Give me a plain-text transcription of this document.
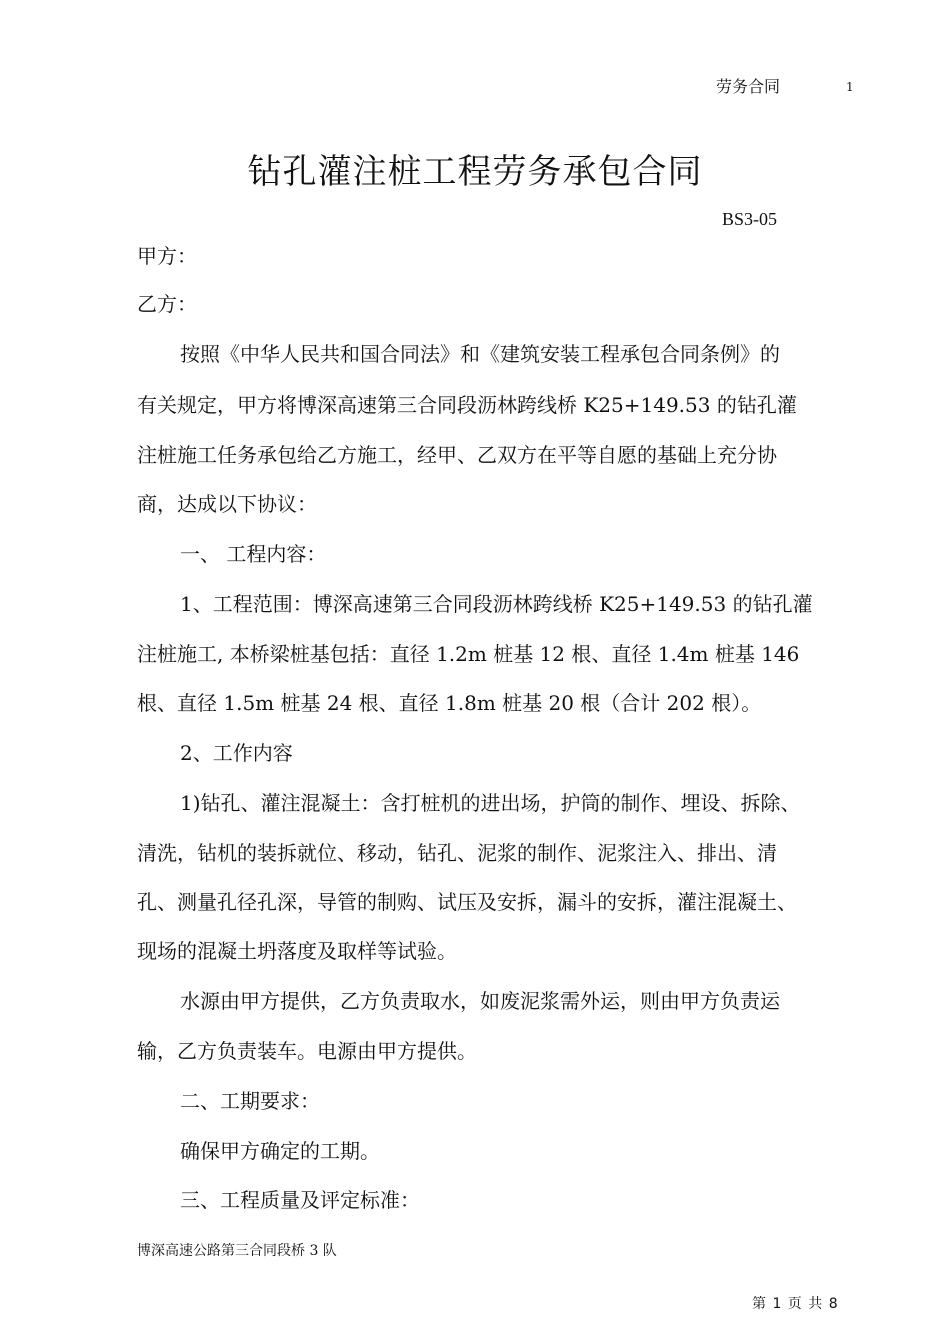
劳务合同	1
钻孔灌注桩工程劳务承包合同
BS3-05
甲方：
乙方：
按照《中华人民共和国合同法》和《建筑安装工程承包合同条例》的
有关规定，甲方将博深高速第三合同段沥林跨线桥 K25+149.53 的钻孔灌
注桩施工任务承包给乙方施工，经甲、乙双方在平等自愿的基础上充分协
商，达成以下协议：
一、 工程内容：
1、工程范围：博深高速第三合同段沥林跨线桥 K25+149.53 的钻孔灌
注桩施工, 本桥梁桩基包括：直径 1.2m 桩基 12 根、直径 1.4m 桩基 146
根、直径 1.5m 桩基 24 根、直径 1.8m 桩基 20 根（合计 202 根）。
2、工作内容
1)钻孔、灌注混凝土：含打桩机的进出场，护筒的制作、埋设、拆除、
清洗，钻机的装拆就位、移动，钻孔、泥浆的制作、泥浆注入、排出、清
孔、测量孔径孔深，导管的制购、试压及安拆，漏斗的安拆，灌注混凝土、
现场的混凝土坍落度及取样等试验。
水源由甲方提供，乙方负责取水，如废泥浆需外运，则由甲方负责运
输，乙方负责装车。电源由甲方提供。
二、工期要求：
确保甲方确定的工期。
三、工程质量及评定标准：
博深高速公路第三合同段桥 3 队
第 1 页 共 8
